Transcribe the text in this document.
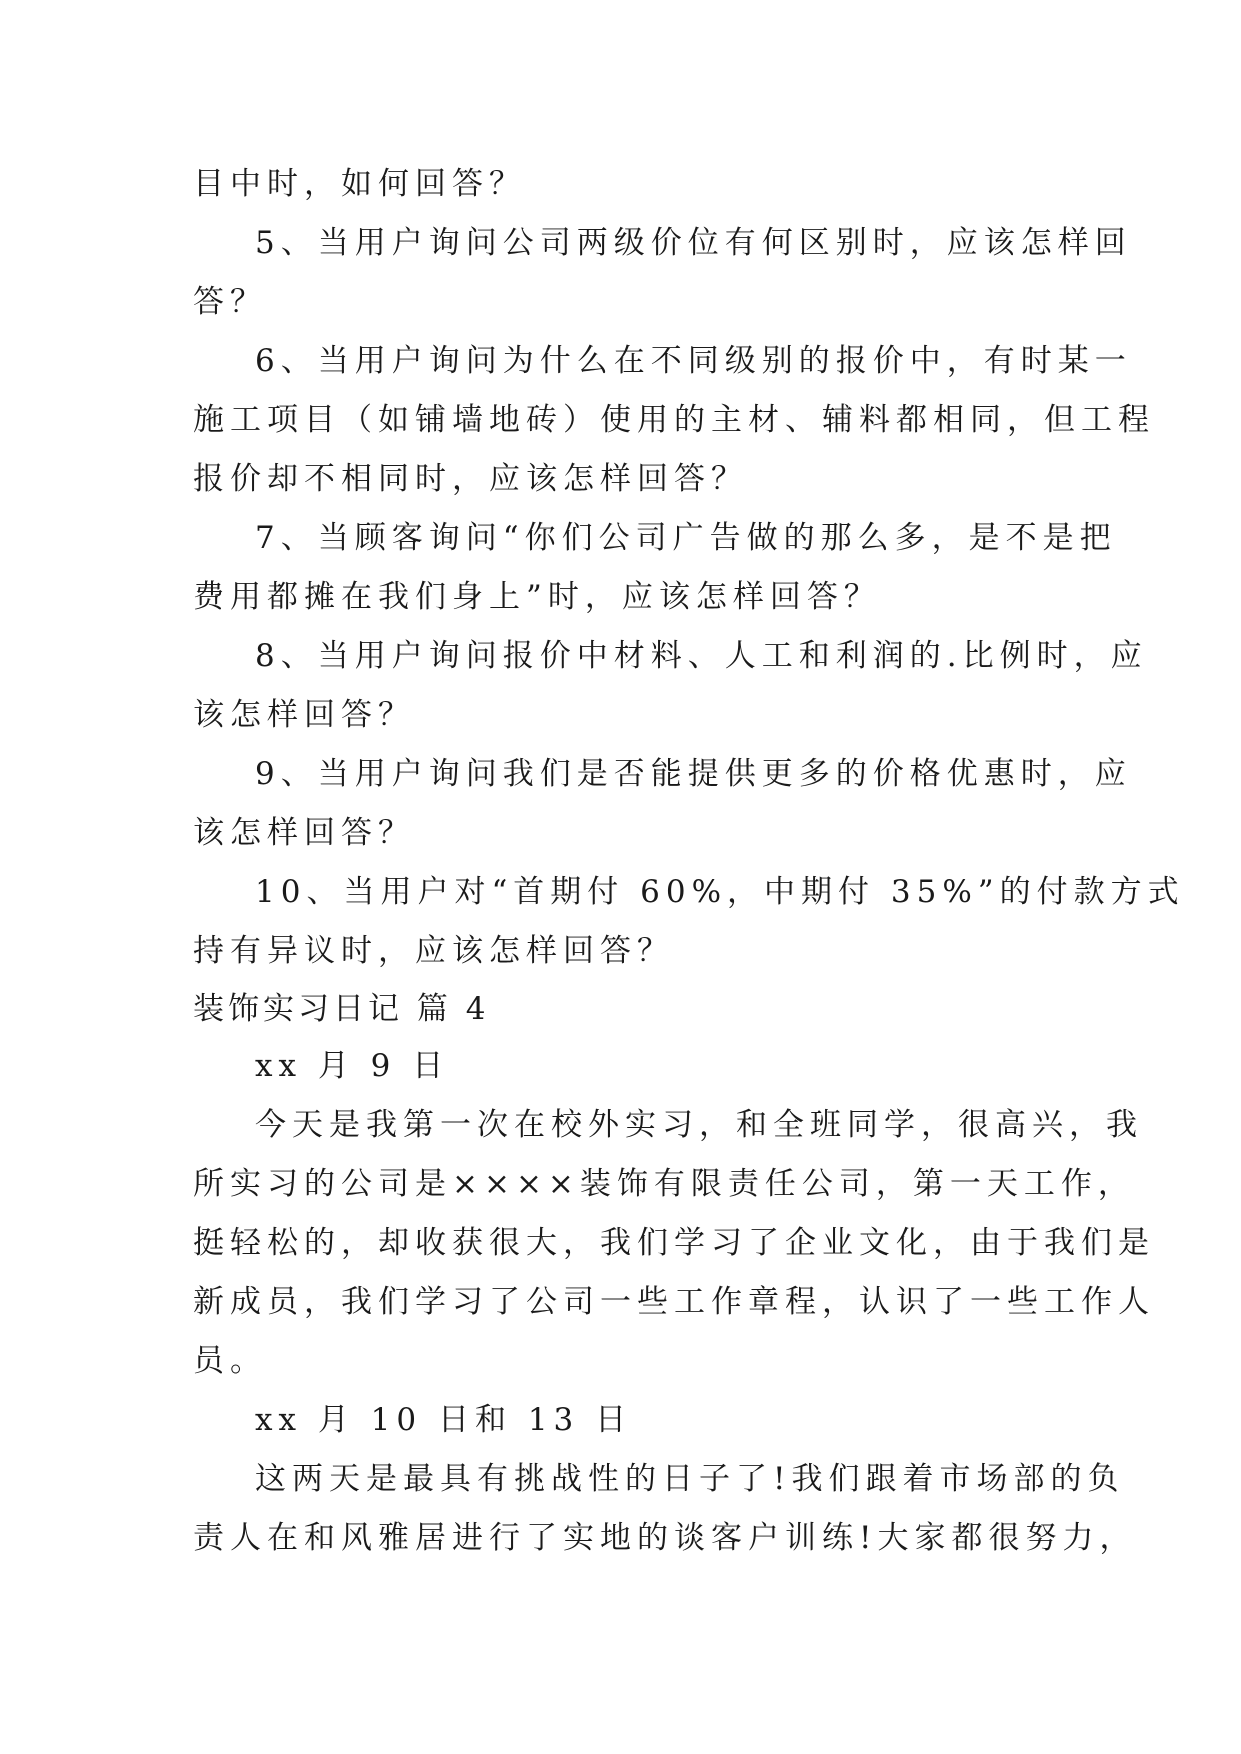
目中时，如何回答？
5、当用户询问公司两级价位有何区别时，应该怎样回
答？
6、当用户询问为什么在不同级别的报价中，有时某一
施工项目（如铺墙地砖）使用的主材、辅料都相同，但工程
报价却不相同时，应该怎样回答？
7、当顾客询问“你们公司广告做的那么多，是不是把
费用都摊在我们身上”时，应该怎样回答？
8、当用户询问报价中材料、人工和利润的.比例时，应
该怎样回答？
9、当用户询问我们是否能提供更多的价格优惠时，应
该怎样回答？
10、当用户对“首期付 60%，中期付 35%”的付款方式
持有异议时，应该怎样回答？
装饰实习日记 篇 4
xx 月 9 日
今天是我第一次在校外实习，和全班同学，很高兴，我
所实习的公司是××××装饰有限责任公司，第一天工作，
挺轻松的，却收获很大，我们学习了企业文化，由于我们是
新成员，我们学习了公司一些工作章程，认识了一些工作人
员。
xx 月 10 日和 13 日
这两天是最具有挑战性的日子了!我们跟着市场部的负
责人在和风雅居进行了实地的谈客户训练!大家都很努力，
